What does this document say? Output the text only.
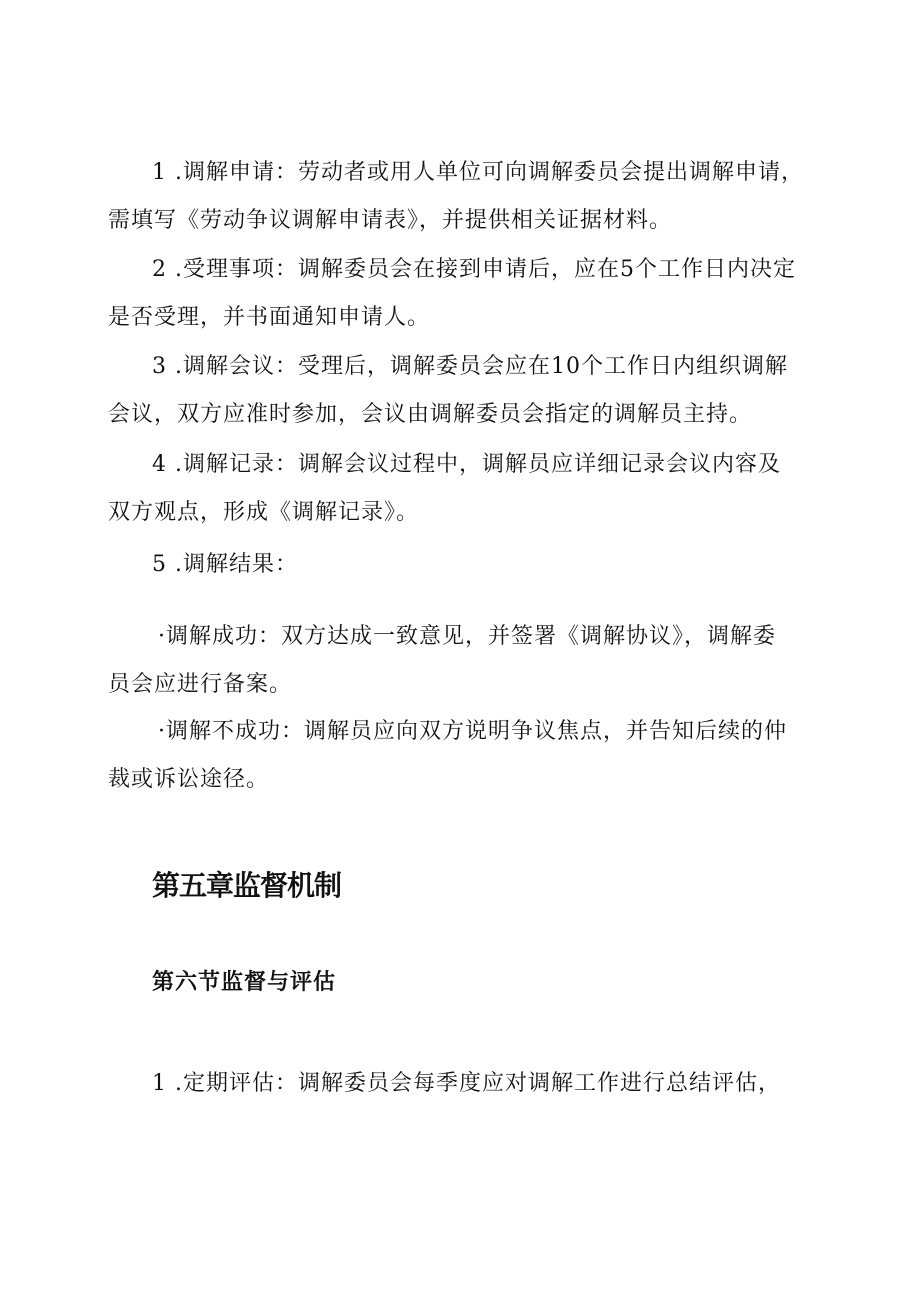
1 .调解申请：劳动者或用人单位可向调解委员会提出调解申请，
需填写《劳动争议调解申请表》，并提供相关证据材料。

2 .受理事项：调解委员会在接到申请后，应在5个工作日内决定
是否受理，并书面通知申请人。

3 .调解会议：受理后，调解委员会应在10个工作日内组织调解
会议，双方应准时参加，会议由调解委员会指定的调解员主持。

4 .调解记录：调解会议过程中，调解员应详细记录会议内容及
双方观点，形成《调解记录》。

5 .调解结果：

·调解成功：双方达成一致意见，并签署《调解协议》，调解委
员会应进行备案。

·调解不成功：调解员应向双方说明争议焦点，并告知后续的仲
裁或诉讼途径。

第五章监督机制
第六节监督与评估

1 .定期评估：调解委员会每季度应对调解工作进行总结评估，
